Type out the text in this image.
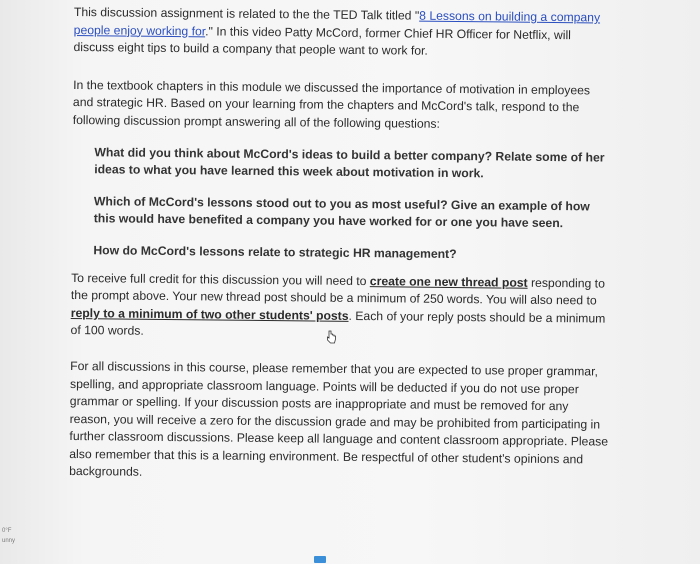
This discussion assignment is related to the the TED Talk titled "8 Lessons on building a company people enjoy working for." In this video Patty McCord, former Chief HR Officer for Netflix, will discuss eight tips to build a company that people want to work for.

In the textbook chapters in this module we discussed the importance of motivation in employees and strategic HR. Based on your learning from the chapters and McCord's talk, respond to the following discussion prompt answering all of the following questions:

What did you think about McCord's ideas to build a better company? Relate some of her ideas to what you have learned this week about motivation in work.

Which of McCord's lessons stood out to you as most useful? Give an example of how this would have benefited a company you have worked for or one you have seen.

How do McCord's lessons relate to strategic HR management?

To receive full credit for this discussion you will need to create one new thread post responding to the prompt above. Your new thread post should be a minimum of 250 words. You will also need to reply to a minimum of two other students' posts. Each of your reply posts should be a minimum of 100 words.

For all discussions in this course, please remember that you are expected to use proper grammar, spelling, and appropriate classroom language. Points will be deducted if you do not use proper grammar or spelling. If your discussion posts are inappropriate and must be removed for any reason, you will receive a zero for the discussion grade and may be prohibited from participating in further classroom discussions. Please keep all language and content classroom appropriate. Please also remember that this is a learning environment. Be respectful of other student's opinions and backgrounds.

0°F
unny
